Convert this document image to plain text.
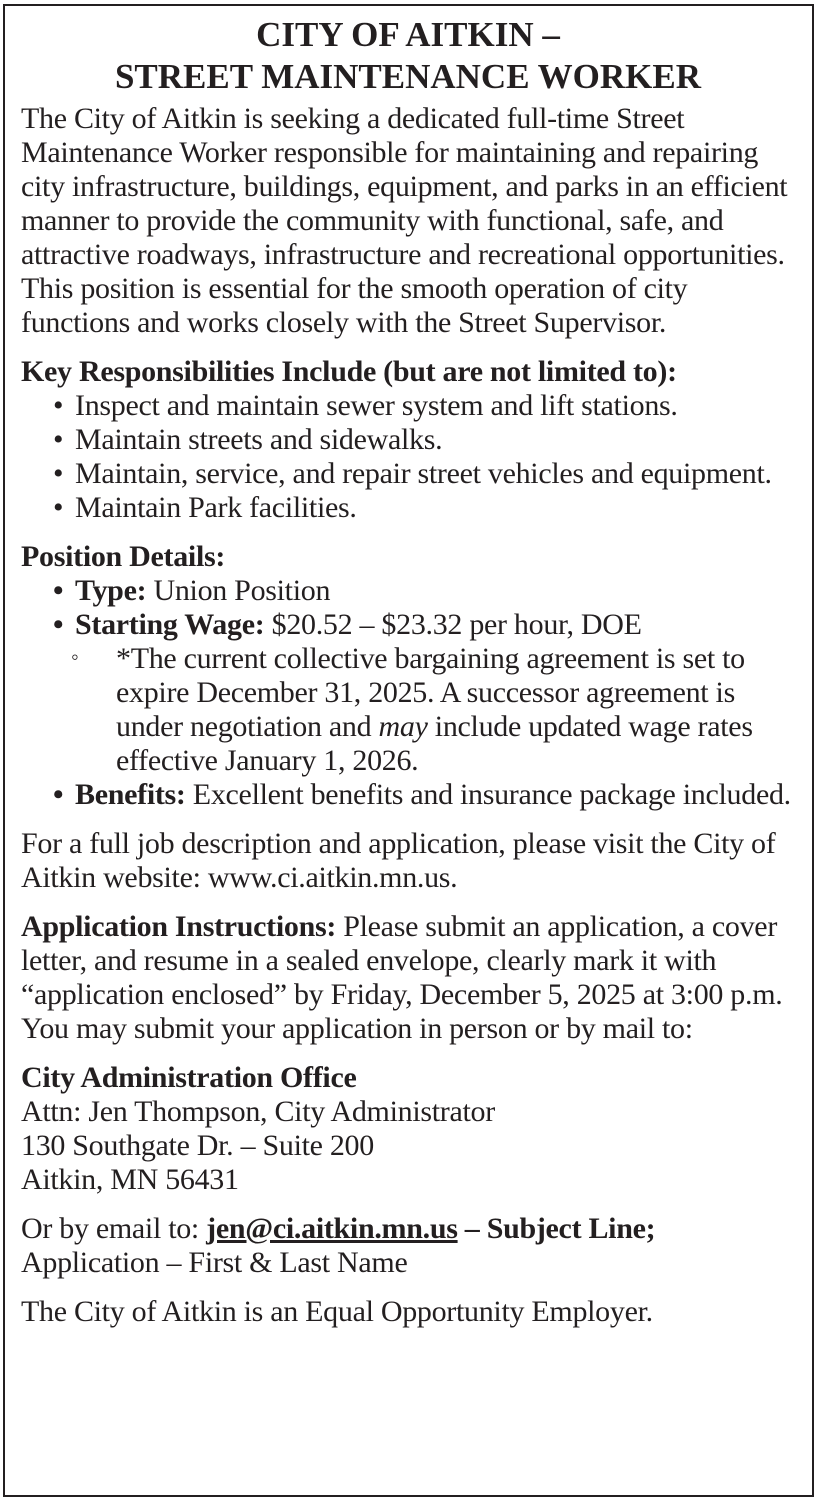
CITY OF AITKIN –
STREET MAINTENANCE WORKER

The City of Aitkin is seeking a dedicated full-time Street Maintenance Worker responsible for maintaining and repairing city infrastructure, buildings, equipment, and parks in an efficient manner to provide the community with functional, safe, and attractive roadways, infrastructure and recreational opportunities. This position is essential for the smooth operation of city functions and works closely with the Street Supervisor.

Key Responsibilities Include (but are not limited to):
• Inspect and maintain sewer system and lift stations.
• Maintain streets and sidewalks.
• Maintain, service, and repair street vehicles and equipment.
• Maintain Park facilities.
Position Details:
• Type: Union Position
• Starting Wage: $20.52 – $23.32 per hour, DOE
◦ *The current collective bargaining agreement is set to expire December 31, 2025. A successor agreement is under negotiation and may include updated wage rates effective January 1, 2026.
• Benefits: Excellent benefits and insurance package included.

For a full job description and application, please visit the City of Aitkin website: www.ci.aitkin.mn.us.

Application Instructions: Please submit an application, a cover letter, and resume in a sealed envelope, clearly mark it with “application enclosed” by Friday, December 5, 2025 at 3:00 p.m. You may submit your application in person or by mail to:

City Administration Office
Attn: Jen Thompson, City Administrator
130 Southgate Dr. – Suite 200
Aitkin, MN 56431

Or by email to: jen@ci.aitkin.mn.us – Subject Line;
Application – First & Last Name

The City of Aitkin is an Equal Opportunity Employer.
